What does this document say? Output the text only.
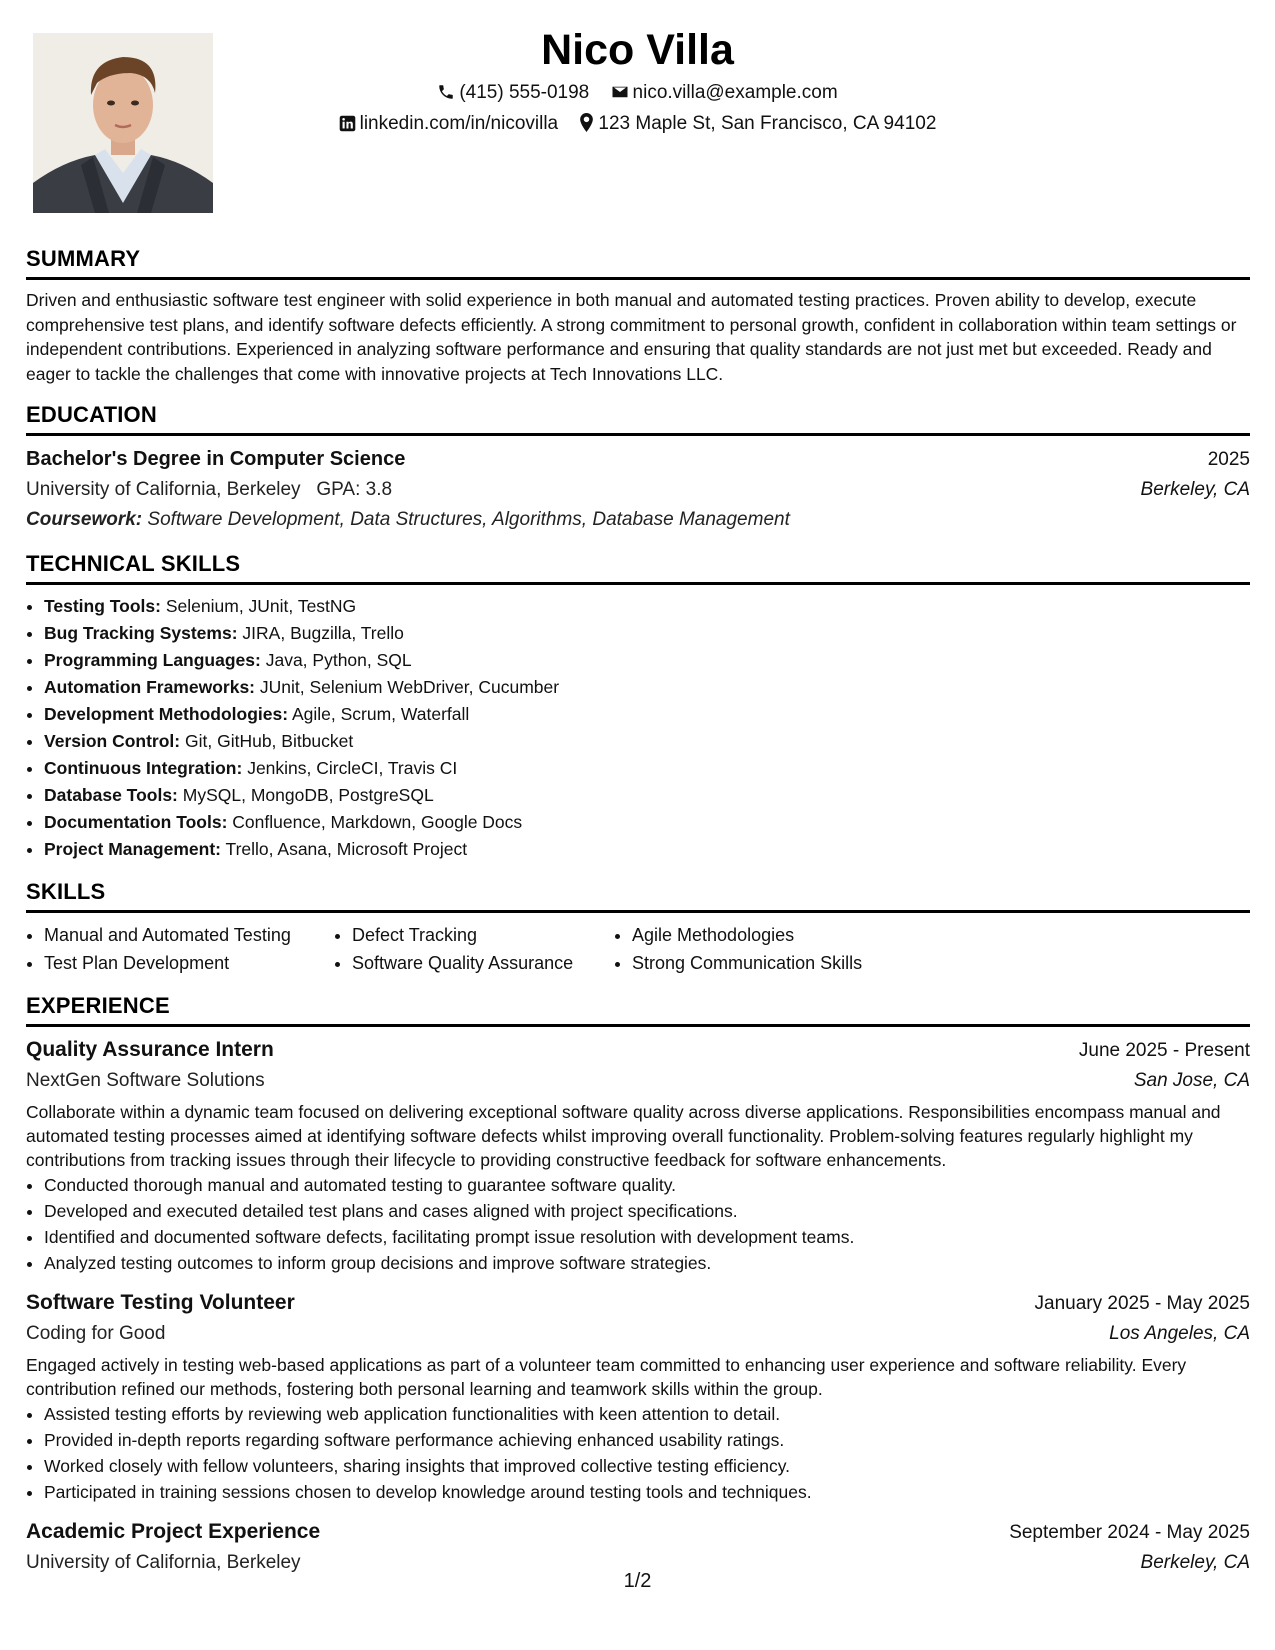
Nico Villa
(415) 555-0198 nico.villa@example.com
linkedin.com/in/nicovilla 123 Maple St, San Francisco, CA 94102
SUMMARY

Driven and enthusiastic software test engineer with solid experience in both manual and automated testing practices. Proven ability to develop, execute comprehensive test plans, and identify software defects efficiently. A strong commitment to personal growth, confident in collaboration within team settings or independent contributions. Experienced in analyzing software performance and ensuring that quality standards are not just met but exceeded. Ready and eager to tackle the challenges that come with innovative projects at Tech Innovations LLC.

EDUCATION
Bachelor's Degree in Computer Science	2025
University of California, Berkeley GPA: 3.8	Berkeley, CA
Coursework: Software Development, Data Structures, Algorithms, Database Management
TECHNICAL SKILLS
• Testing Tools: Selenium, JUnit, TestNG
• Bug Tracking Systems: JIRA, Bugzilla, Trello
• Programming Languages: Java, Python, SQL
• Automation Frameworks: JUnit, Selenium WebDriver, Cucumber
• Development Methodologies: Agile, Scrum, Waterfall
• Version Control: Git, GitHub, Bitbucket
• Continuous Integration: Jenkins, CircleCI, Travis CI
• Database Tools: MySQL, MongoDB, PostgreSQL
• Documentation Tools: Confluence, Markdown, Google Docs
• Project Management: Trello, Asana, Microsoft Project
SKILLS
• Manual and Automated Testing
• Test Plan Development
• Defect Tracking
• Software Quality Assurance
• Agile Methodologies
• Strong Communication Skills
EXPERIENCE
Quality Assurance Intern	June 2025 - Present
NextGen Software Solutions	San Jose, CA

Collaborate within a dynamic team focused on delivering exceptional software quality across diverse applications. Responsibilities encompass manual and automated testing processes aimed at identifying software defects whilst improving overall functionality. Problem-solving features regularly highlight my contributions from tracking issues through their lifecycle to providing constructive feedback for software enhancements.

• Conducted thorough manual and automated testing to guarantee software quality.
• Developed and executed detailed test plans and cases aligned with project specifications.
• Identified and documented software defects, facilitating prompt issue resolution with development teams.
• Analyzed testing outcomes to inform group decisions and improve software strategies.
Software Testing Volunteer	January 2025 - May 2025
Coding for Good	Los Angeles, CA

Engaged actively in testing web-based applications as part of a volunteer team committed to enhancing user experience and software reliability. Every contribution refined our methods, fostering both personal learning and teamwork skills within the group.

• Assisted testing efforts by reviewing web application functionalities with keen attention to detail.
• Provided in-depth reports regarding software performance achieving enhanced usability ratings.
• Worked closely with fellow volunteers, sharing insights that improved collective testing efficiency.
• Participated in training sessions chosen to develop knowledge around testing tools and techniques.
Academic Project Experience	September 2024 - May 2025
University of California, Berkeley	Berkeley, CA
1/2
